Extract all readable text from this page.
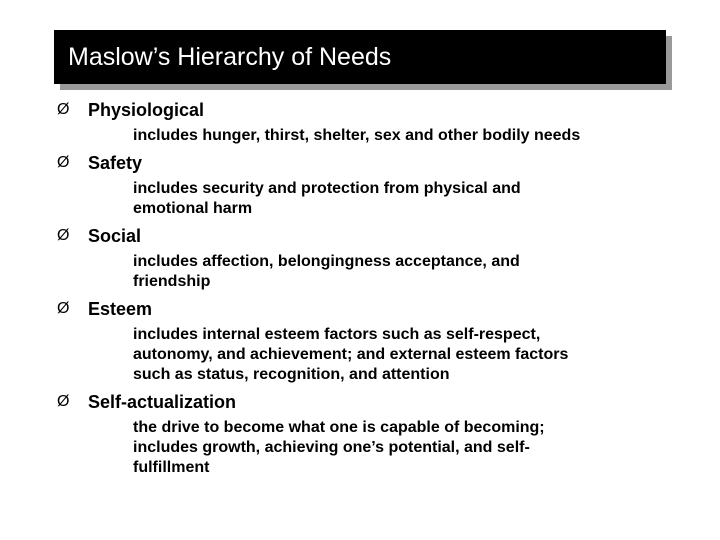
Maslow’s Hierarchy of Needs
Ø	Physiological
includes hunger, thirst, shelter, sex and other bodily needs
Ø	Safety
includes security and protection from physical and
emotional harm
Ø	Social
includes affection, belongingness acceptance, and
friendship
Ø	Esteem
includes internal esteem factors such as self-respect,
autonomy, and achievement; and external esteem factors
such as status, recognition, and attention
Ø	Self-actualization
the drive to become what one is capable of becoming;
includes growth, achieving one’s potential, and self-
fulfillment
